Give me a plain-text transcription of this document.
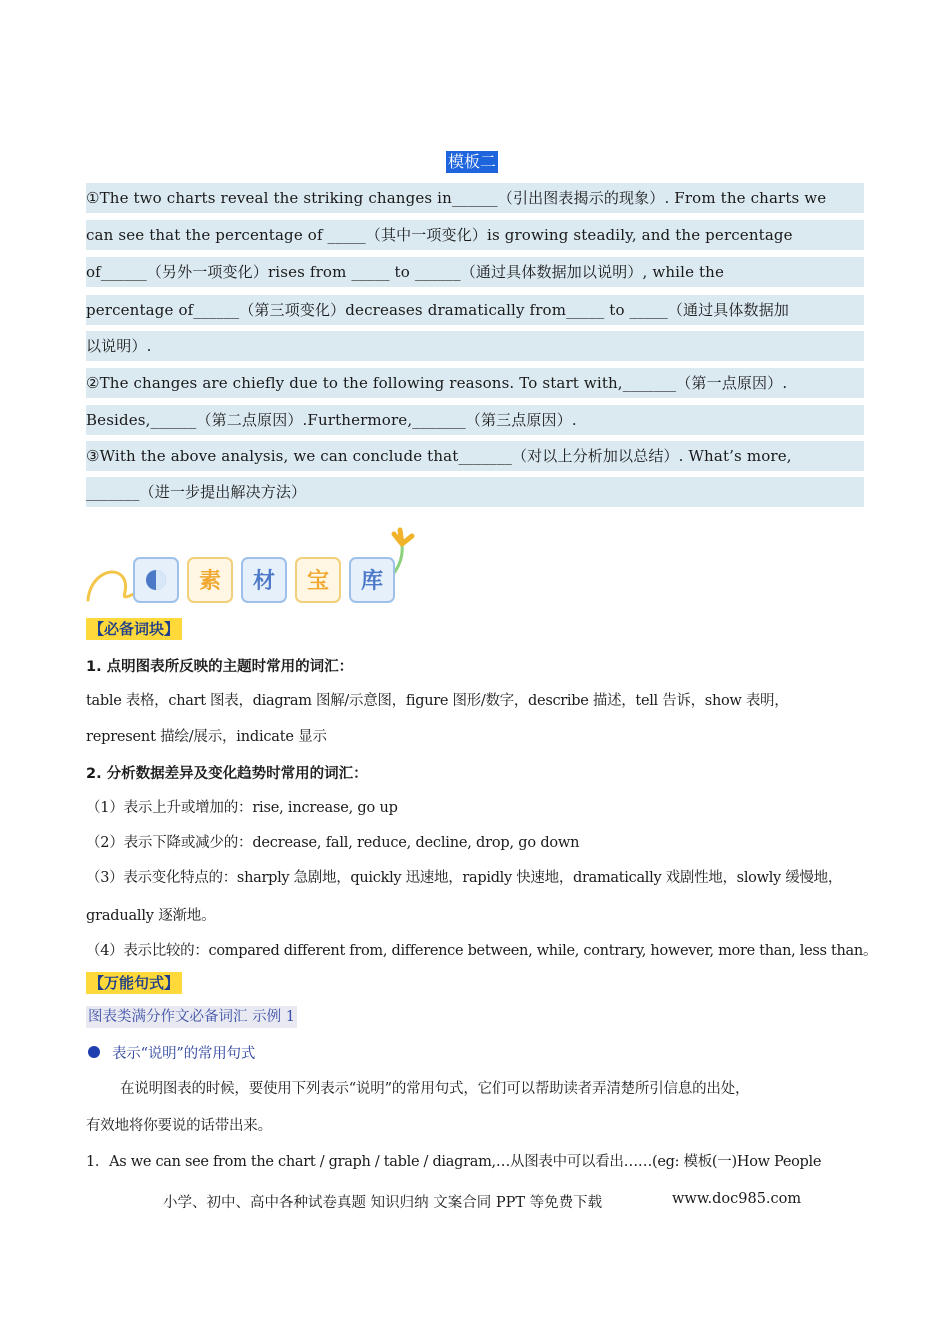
模板二
①The two charts reveal the striking changes in______（引出图表揭示的现象）. From the charts we
can see that the percentage of _____（其中一项变化）is growing steadily, and the percentage
of______（另外一项变化）rises from _____ to ______（通过具体数据加以说明）, while the
percentage of______（第三项变化）decreases dramatically from_____ to _____（通过具体数据加
以说明）.
②The changes are chiefly due to the following reasons. To start with,_______（第一点原因）.
Besides,______（第二点原因）.Furthermore,_______（第三点原因）.
③With the above analysis, we can conclude that_______（对以上分析加以总结）. What’s more,
_______（进一步提出解决方法）
素 材 宝 库
【必备词块】
1. 点明图表所反映的主题时常用的词汇：
table 表格，chart 图表，diagram 图解/示意图，figure 图形/数字，describe 描述，tell 告诉，show 表明，
represent 描绘/展示，indicate 显示
2. 分析数据差异及变化趋势时常用的词汇：
（1）表示上升或增加的：rise, increase, go up
（2）表示下降或减少的：decrease, fall, reduce, decline, drop, go down
（3）表示变化特点的：sharply 急剧地，quickly 迅速地，rapidly 快速地，dramatically 戏剧性地，slowly 缓慢地，
gradually 逐渐地。
（4）表示比较的：compared different from, difference between, while, contrary, however, more than, less than。
【万能句式】
图表类满分作文必备词汇 示例 1
表示“说明”的常用句式
在说明图表的时候，要使用下列表示“说明”的常用句式，它们可以帮助读者弄清楚所引信息的出处，
有效地将你要说的话带出来。
1．As we can see from the chart / graph / table / diagram,…从图表中可以看出……(eg: 模板(一)How People
小学、初中、高中各种试卷真题 知识归纳 文案合同 PPT 等免费下载	www.doc985.com
